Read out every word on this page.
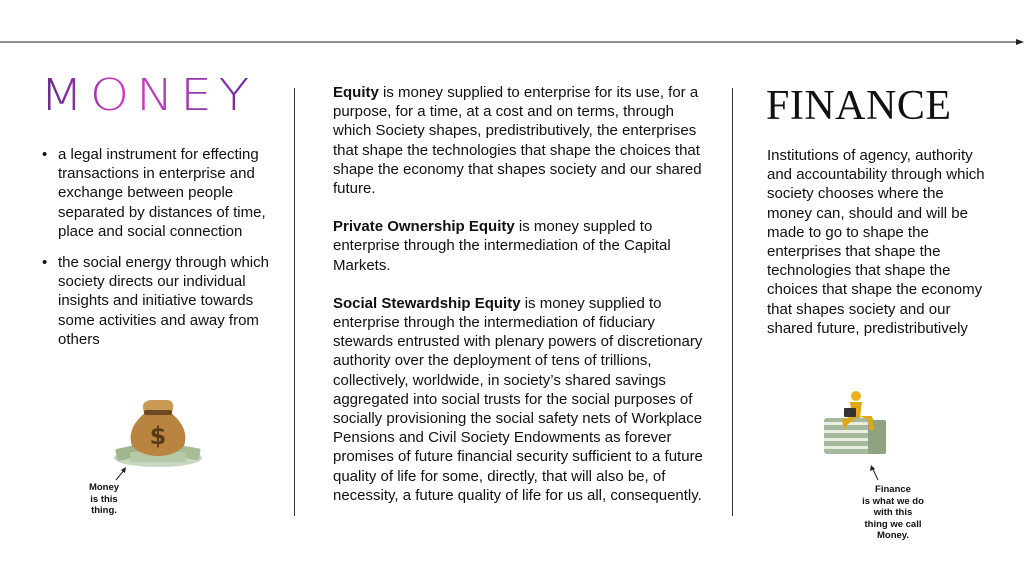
MONEY
• a legal instrument for effecting transactions in enterprise and exchange between people separated by distances of time, place and social connection
• the social energy through which society directs our individual insights and initiative towards some activities and away from others
$
Money
is this
thing.

Equity is money supplied to enterprise for its use, for a purpose, for a time, at a cost and on terms, through which Society shapes, predistributively, the enterprises that shape the technologies that shape the choices that shape the economy that shapes society and our shared future.

Private Ownership Equity is money suppled to enterprise through the intermediation of the Capital Markets.

Social Stewardship Equity is money supplied to enterprise through the intermediation of fiduciary stewards entrusted with plenary powers of discretionary authority over the deployment of tens of trillions, collectively, worldwide, in society’s shared savings aggregated into social trusts for the social purposes of socially provisioning the social safety nets of Workplace Pensions and Civil Society Endowments as forever promises of future financial security sufficient to a future quality of life for some, directly, that will also be, of necessity, a future quality of life for us all, consequently.

FINANCE
Institutions of agency, authority and accountability through which society chooses where the money can, should and will be made to go to shape the enterprises that shape the technologies that shape the choices that shape the economy that shapes society and our shared future, predistributively
Finance
is what we do
with this
thing we call
Money.
